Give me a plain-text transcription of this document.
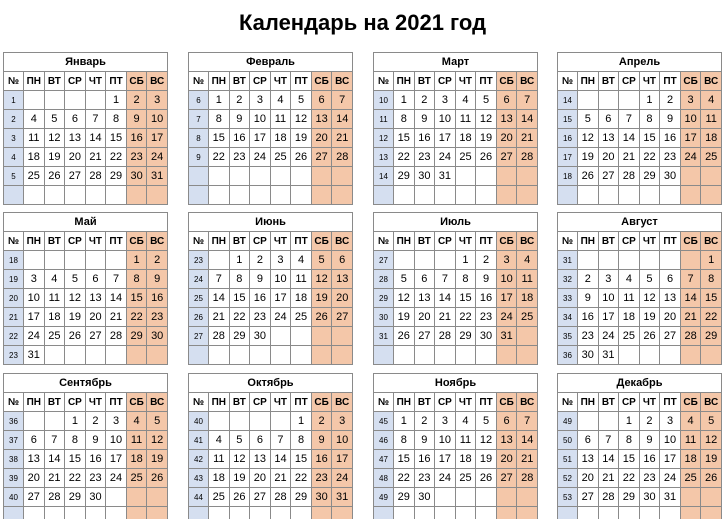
Календарь на 2021 год
Январь							
№	ПН	ВТ	СР	ЧТ	ПТ	СБ	ВС
1					1	2	3
2	4	5	6	7	8	9	10
3	11	12	13	14	15	16	17
4	18	19	20	21	22	23	24
5	25	26	27	28	29	30	31

Февраль							
№	ПН	ВТ	СР	ЧТ	ПТ	СБ	ВС
6	1	2	3	4	5	6	7
7	8	9	10	11	12	13	14
8	15	16	17	18	19	20	21
9	22	23	24	25	26	27	28

Март							
№	ПН	ВТ	СР	ЧТ	ПТ	СБ	ВС
10	1	2	3	4	5	6	7
11	8	9	10	11	12	13	14
12	15	16	17	18	19	20	21
13	22	23	24	25	26	27	28
14	29	30	31				

Апрель							
№	ПН	ВТ	СР	ЧТ	ПТ	СБ	ВС
14				1	2	3	4
15	5	6	7	8	9	10	11
16	12	13	14	15	16	17	18
17	19	20	21	22	23	24	25
18	26	27	28	29	30		

Май							
№	ПН	ВТ	СР	ЧТ	ПТ	СБ	ВС
18						1	2
19	3	4	5	6	7	8	9
20	10	11	12	13	14	15	16
21	17	18	19	20	21	22	23
22	24	25	26	27	28	29	30
23	31						
Июнь							
№	ПН	ВТ	СР	ЧТ	ПТ	СБ	ВС
23		1	2	3	4	5	6
24	7	8	9	10	11	12	13
25	14	15	16	17	18	19	20
26	21	22	23	24	25	26	27
27	28	29	30				

Июль							
№	ПН	ВТ	СР	ЧТ	ПТ	СБ	ВС
27				1	2	3	4
28	5	6	7	8	9	10	11
29	12	13	14	15	16	17	18
30	19	20	21	22	23	24	25
31	26	27	28	29	30	31	

Август							
№	ПН	ВТ	СР	ЧТ	ПТ	СБ	ВС
31							1
32	2	3	4	5	6	7	8
33	9	10	11	12	13	14	15
34	16	17	18	19	20	21	22
35	23	24	25	26	27	28	29
36	30	31					
Сентябрь							
№	ПН	ВТ	СР	ЧТ	ПТ	СБ	ВС
36			1	2	3	4	5
37	6	7	8	9	10	11	12
38	13	14	15	16	17	18	19
39	20	21	22	23	24	25	26
40	27	28	29	30			

Октябрь							
№	ПН	ВТ	СР	ЧТ	ПТ	СБ	ВС
40					1	2	3
41	4	5	6	7	8	9	10
42	11	12	13	14	15	16	17
43	18	19	20	21	22	23	24
44	25	26	27	28	29	30	31

Ноябрь							
№	ПН	ВТ	СР	ЧТ	ПТ	СБ	ВС
45	1	2	3	4	5	6	7
46	8	9	10	11	12	13	14
47	15	16	17	18	19	20	21
48	22	23	24	25	26	27	28
49	29	30					

Декабрь							
№	ПН	ВТ	СР	ЧТ	ПТ	СБ	ВС
49			1	2	3	4	5
50	6	7	8	9	10	11	12
51	13	14	15	16	17	18	19
52	20	21	22	23	24	25	26
53	27	28	29	30	31		
